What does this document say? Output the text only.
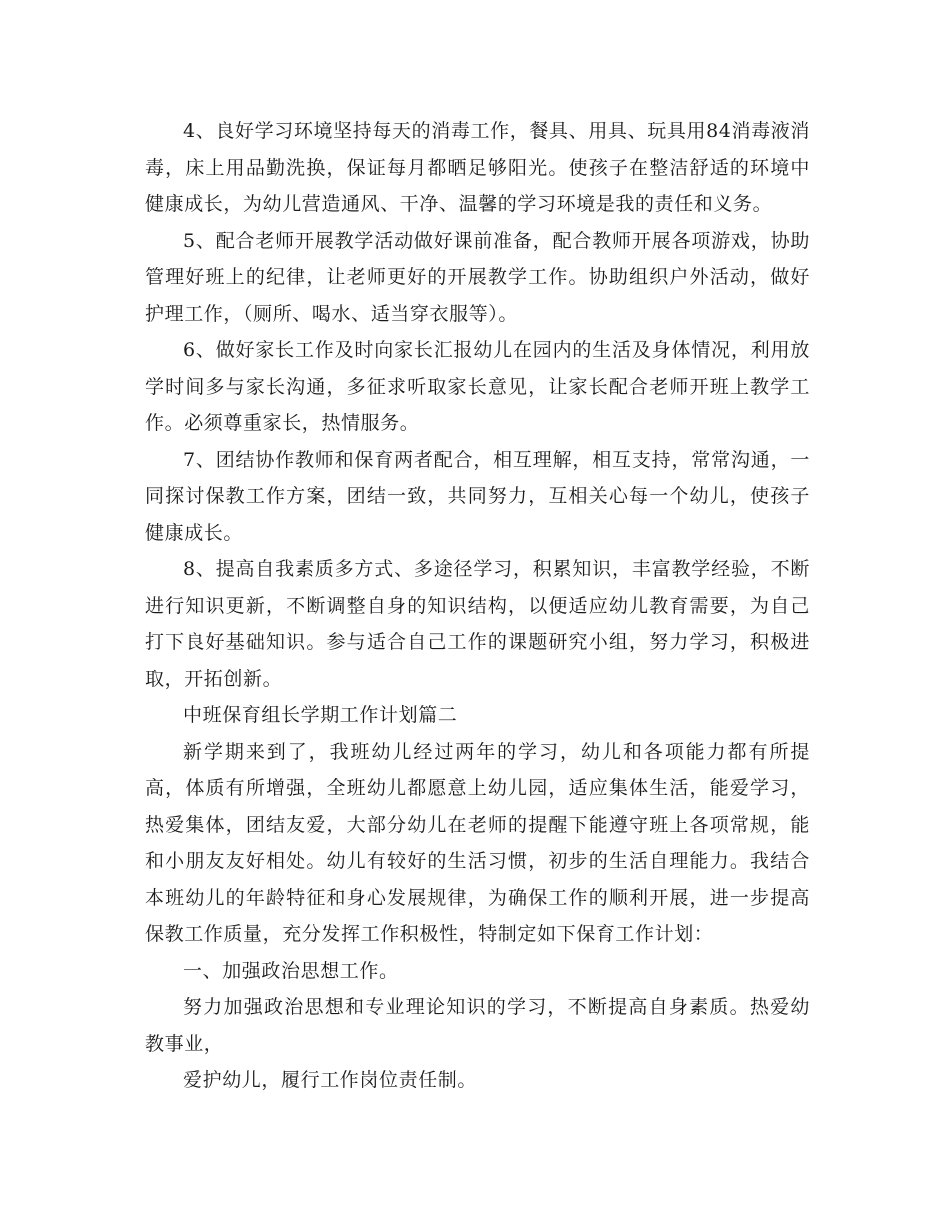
4、良好学习环境坚持每天的消毒工作，餐具、用具、玩具用84消毒液消毒，床上用品勤洗换，保证每月都晒足够阳光。使孩子在整洁舒适的环境中健康成长，为幼儿营造通风、干净、温馨的学习环境是我的责任和义务。

5、配合老师开展教学活动做好课前准备，配合教师开展各项游戏，协助管理好班上的纪律，让老师更好的开展教学工作。协助组织户外活动，做好护理工作，（厕所、喝水、适当穿衣服等）。

6、做好家长工作及时向家长汇报幼儿在园内的生活及身体情况，利用放学时间多与家长沟通，多征求听取家长意见，让家长配合老师开班上教学工作。必须尊重家长，热情服务。

7、团结协作教师和保育两者配合，相互理解，相互支持，常常沟通，一同探讨保教工作方案，团结一致，共同努力，互相关心每一个幼儿，使孩子健康成长。

8、提高自我素质多方式、多途径学习，积累知识，丰富教学经验，不断进行知识更新，不断调整自身的知识结构，以便适应幼儿教育需要，为自己打下良好基础知识。参与适合自己工作的课题研究小组，努力学习，积极进取，开拓创新。

中班保育组长学期工作计划篇二

新学期来到了，我班幼儿经过两年的学习，幼儿和各项能力都有所提高，体质有所增强，全班幼儿都愿意上幼儿园，适应集体生活，能爱学习，热爱集体，团结友爱，大部分幼儿在老师的提醒下能遵守班上各项常规，能和小朋友友好相处。幼儿有较好的生活习惯，初步的生活自理能力。我结合本班幼儿的年龄特征和身心发展规律，为确保工作的顺利开展，进一步提高保教工作质量，充分发挥工作积极性，特制定如下保育工作计划：

一、加强政治思想工作。

努力加强政治思想和专业理论知识的学习，不断提高自身素质。热爱幼教事业，

爱护幼儿，履行工作岗位责任制。
